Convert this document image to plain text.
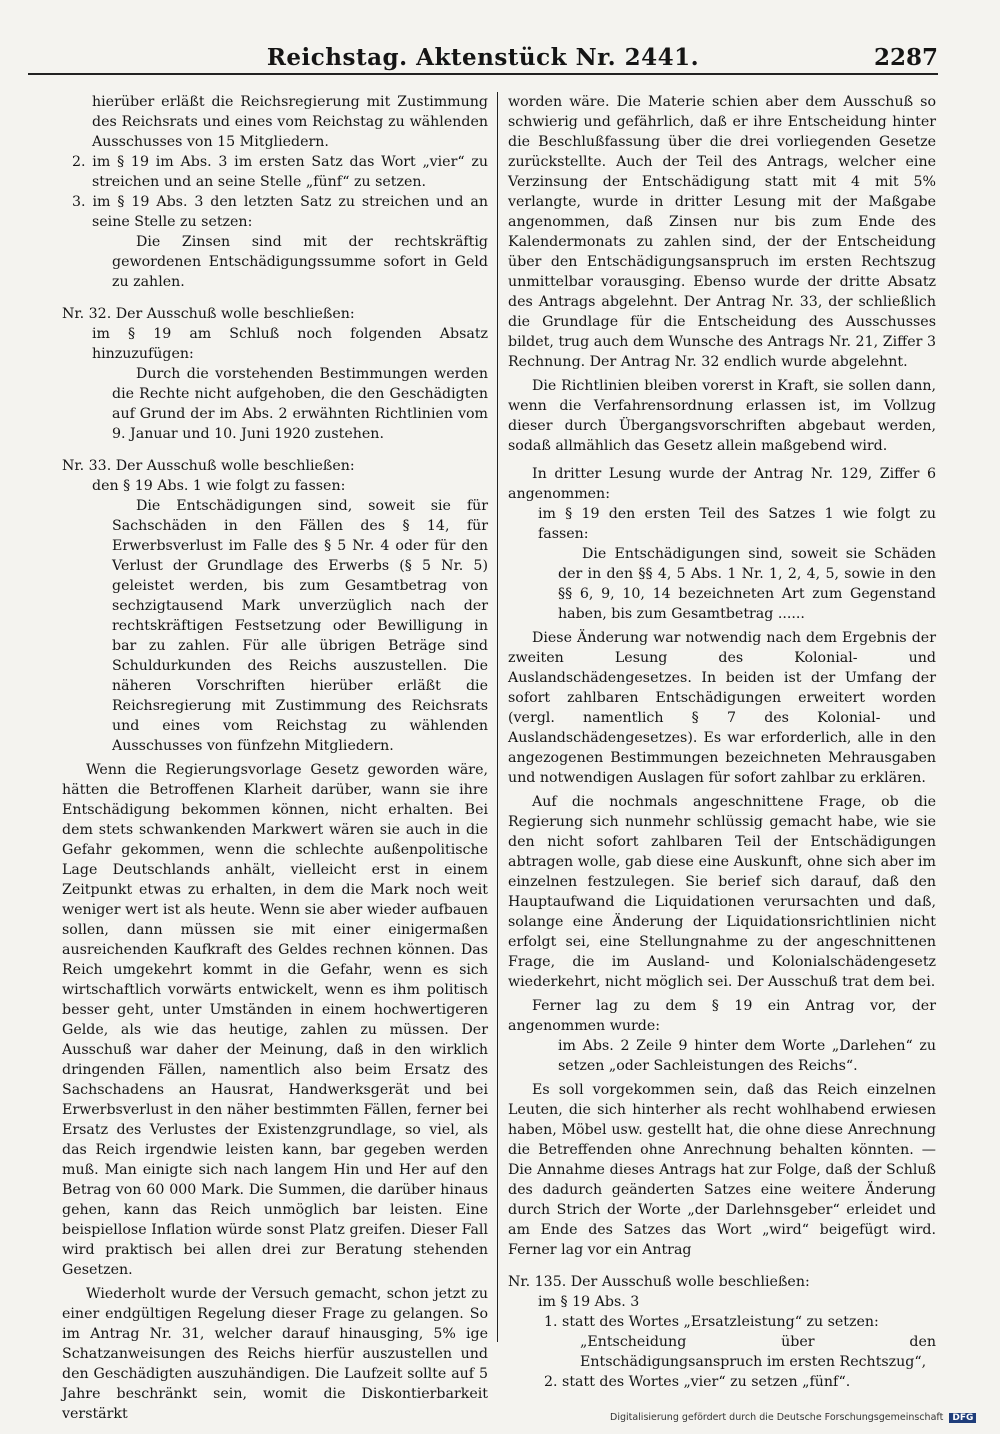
Reichstag. Aktenstück Nr. 2441.	2287

hierüber erläßt die Reichsregierung mit Zustimmung des Reichsrats und eines vom Reichstag zu wählenden Ausschusses von 15 Mitgliedern.

2. im § 19 im Abs. 3 im ersten Satz das Wort „vier“ zu streichen und an seine Stelle „fünf“ zu setzen.

3. im § 19 Abs. 3 den letzten Satz zu streichen und an seine Stelle zu setzen:

Die Zinsen sind mit der rechtskräftig gewordenen Entschädigungssumme sofort in Geld zu zahlen.

Nr. 32. Der Ausschuß wolle beschließen:

im § 19 am Schluß noch folgenden Absatz hinzuzufügen:

Durch die vorstehenden Bestimmungen werden die Rechte nicht aufgehoben, die den Geschädigten auf Grund der im Abs. 2 erwähnten Richtlinien vom 9. Januar und 10. Juni 1920 zustehen.

Nr. 33. Der Ausschuß wolle beschließen:

den § 19 Abs. 1 wie folgt zu fassen:

Die Entschädigungen sind, soweit sie für Sachschäden in den Fällen des § 14, für Erwerbsverlust im Falle des § 5 Nr. 4 oder für den Verlust der Grundlage des Erwerbs (§ 5 Nr. 5) geleistet werden, bis zum Gesamtbetrag von sechzigtausend Mark unverzüglich nach der rechtskräftigen Festsetzung oder Bewilligung in bar zu zahlen. Für alle übrigen Beträge sind Schuldurkunden des Reichs auszustellen. Die näheren Vorschriften hierüber erläßt die Reichsregierung mit Zustimmung des Reichsrats und eines vom Reichstag zu wählenden Ausschusses von fünfzehn Mitgliedern.

Wenn die Regierungsvorlage Gesetz geworden wäre, hätten die Betroffenen Klarheit darüber, wann sie ihre Entschädigung bekommen können, nicht erhalten. Bei dem stets schwankenden Markwert wären sie auch in die Gefahr gekommen, wenn die schlechte außenpolitische Lage Deutschlands anhält, vielleicht erst in einem Zeitpunkt etwas zu erhalten, in dem die Mark noch weit weniger wert ist als heute. Wenn sie aber wieder aufbauen sollen, dann müssen sie mit einer einigermaßen ausreichenden Kaufkraft des Geldes rechnen können. Das Reich umgekehrt kommt in die Gefahr, wenn es sich wirtschaftlich vorwärts entwickelt, wenn es ihm politisch besser geht, unter Umständen in einem hochwertigeren Gelde, als wie das heutige, zahlen zu müssen. Der Ausschuß war daher der Meinung, daß in den wirklich dringenden Fällen, namentlich also beim Ersatz des Sachschadens an Hausrat, Handwerksgerät und bei Erwerbsverlust in den näher bestimmten Fällen, ferner bei Ersatz des Verlustes der Existenzgrundlage, so viel, als das Reich irgendwie leisten kann, bar gegeben werden muß. Man einigte sich nach langem Hin und Her auf den Betrag von 60 000 Mark. Die Summen, die darüber hinaus gehen, kann das Reich unmöglich bar leisten. Eine beispiellose Inflation würde sonst Platz greifen. Dieser Fall wird praktisch bei allen drei zur Beratung stehenden Gesetzen.

Wiederholt wurde der Versuch gemacht, schon jetzt zu einer endgültigen Regelung dieser Frage zu gelangen. So im Antrag Nr. 31, welcher darauf hinausging, 5% ige Schatzanweisungen des Reichs hierfür auszustellen und den Geschädigten auszuhändigen. Die Laufzeit sollte auf 5 Jahre beschränkt sein, womit die Diskontierbarkeit verstärkt

worden wäre. Die Materie schien aber dem Ausschuß so schwierig und gefährlich, daß er ihre Entscheidung hinter die Beschlußfassung über die drei vorliegenden Gesetze zurückstellte. Auch der Teil des Antrags, welcher eine Verzinsung der Entschädigung statt mit 4 mit 5% verlangte, wurde in dritter Lesung mit der Maßgabe angenommen, daß Zinsen nur bis zum Ende des Kalendermonats zu zahlen sind, der der Entscheidung über den Entschädigungsanspruch im ersten Rechtszug unmittelbar vorausging. Ebenso wurde der dritte Absatz des Antrags abgelehnt. Der Antrag Nr. 33, der schließlich die Grundlage für die Entscheidung des Ausschusses bildet, trug auch dem Wunsche des Antrags Nr. 21, Ziffer 3 Rechnung. Der Antrag Nr. 32 endlich wurde abgelehnt.

Die Richtlinien bleiben vorerst in Kraft, sie sollen dann, wenn die Verfahrensordnung erlassen ist, im Vollzug dieser durch Übergangsvorschriften abgebaut werden, sodaß allmählich das Gesetz allein maßgebend wird.

In dritter Lesung wurde der Antrag Nr. 129, Ziffer 6 angenommen:

im § 19 den ersten Teil des Satzes 1 wie folgt zu fassen:

Die Entschädigungen sind, soweit sie Schäden der in den §§ 4, 5 Abs. 1 Nr. 1, 2, 4, 5, sowie in den §§ 6, 9, 10, 14 bezeichneten Art zum Gegenstand haben, bis zum Gesamtbetrag ......

Diese Änderung war notwendig nach dem Ergebnis der zweiten Lesung des Kolonial- und Auslandschädengesetzes. In beiden ist der Umfang der sofort zahlbaren Entschädigungen erweitert worden (vergl. namentlich § 7 des Kolonial- und Auslandschädengesetzes). Es war erforderlich, alle in den angezogenen Bestimmungen bezeichneten Mehrausgaben und notwendigen Auslagen für sofort zahlbar zu erklären.

Auf die nochmals angeschnittene Frage, ob die Regierung sich nunmehr schlüssig gemacht habe, wie sie den nicht sofort zahlbaren Teil der Entschädigungen abtragen wolle, gab diese eine Auskunft, ohne sich aber im einzelnen festzulegen. Sie berief sich darauf, daß den Hauptaufwand die Liquidationen verursachten und daß, solange eine Änderung der Liquidationsrichtlinien nicht erfolgt sei, eine Stellungnahme zu der angeschnittenen Frage, die im Ausland- und Kolonialschädengesetz wiederkehrt, nicht möglich sei. Der Ausschuß trat dem bei.

Ferner lag zu dem § 19 ein Antrag vor, der angenommen wurde:

im Abs. 2 Zeile 9 hinter dem Worte „Darlehen“ zu setzen „oder Sachleistungen des Reichs“.

Es soll vorgekommen sein, daß das Reich einzelnen Leuten, die sich hinterher als recht wohlhabend erwiesen haben, Möbel usw. gestellt hat, die ohne diese Anrechnung die Betreffenden ohne Anrechnung behalten könnten. — Die Annahme dieses Antrags hat zur Folge, daß der Schluß des dadurch geänderten Satzes eine weitere Änderung durch Strich der Worte „der Darlehnsgeber“ erleidet und am Ende des Satzes das Wort „wird“ beigefügt wird. Ferner lag vor ein Antrag

Nr. 135. Der Ausschuß wolle beschließen:

im § 19 Abs. 3

1. statt des Wortes „Ersatzleistung“ zu setzen:

„Entscheidung über den Entschädigungsanspruch im ersten Rechtszug“,

2. statt des Wortes „vier“ zu setzen „fünf“.

Digitalisierung gefördert durch die Deutsche Forschungsgemeinschaft DFG
